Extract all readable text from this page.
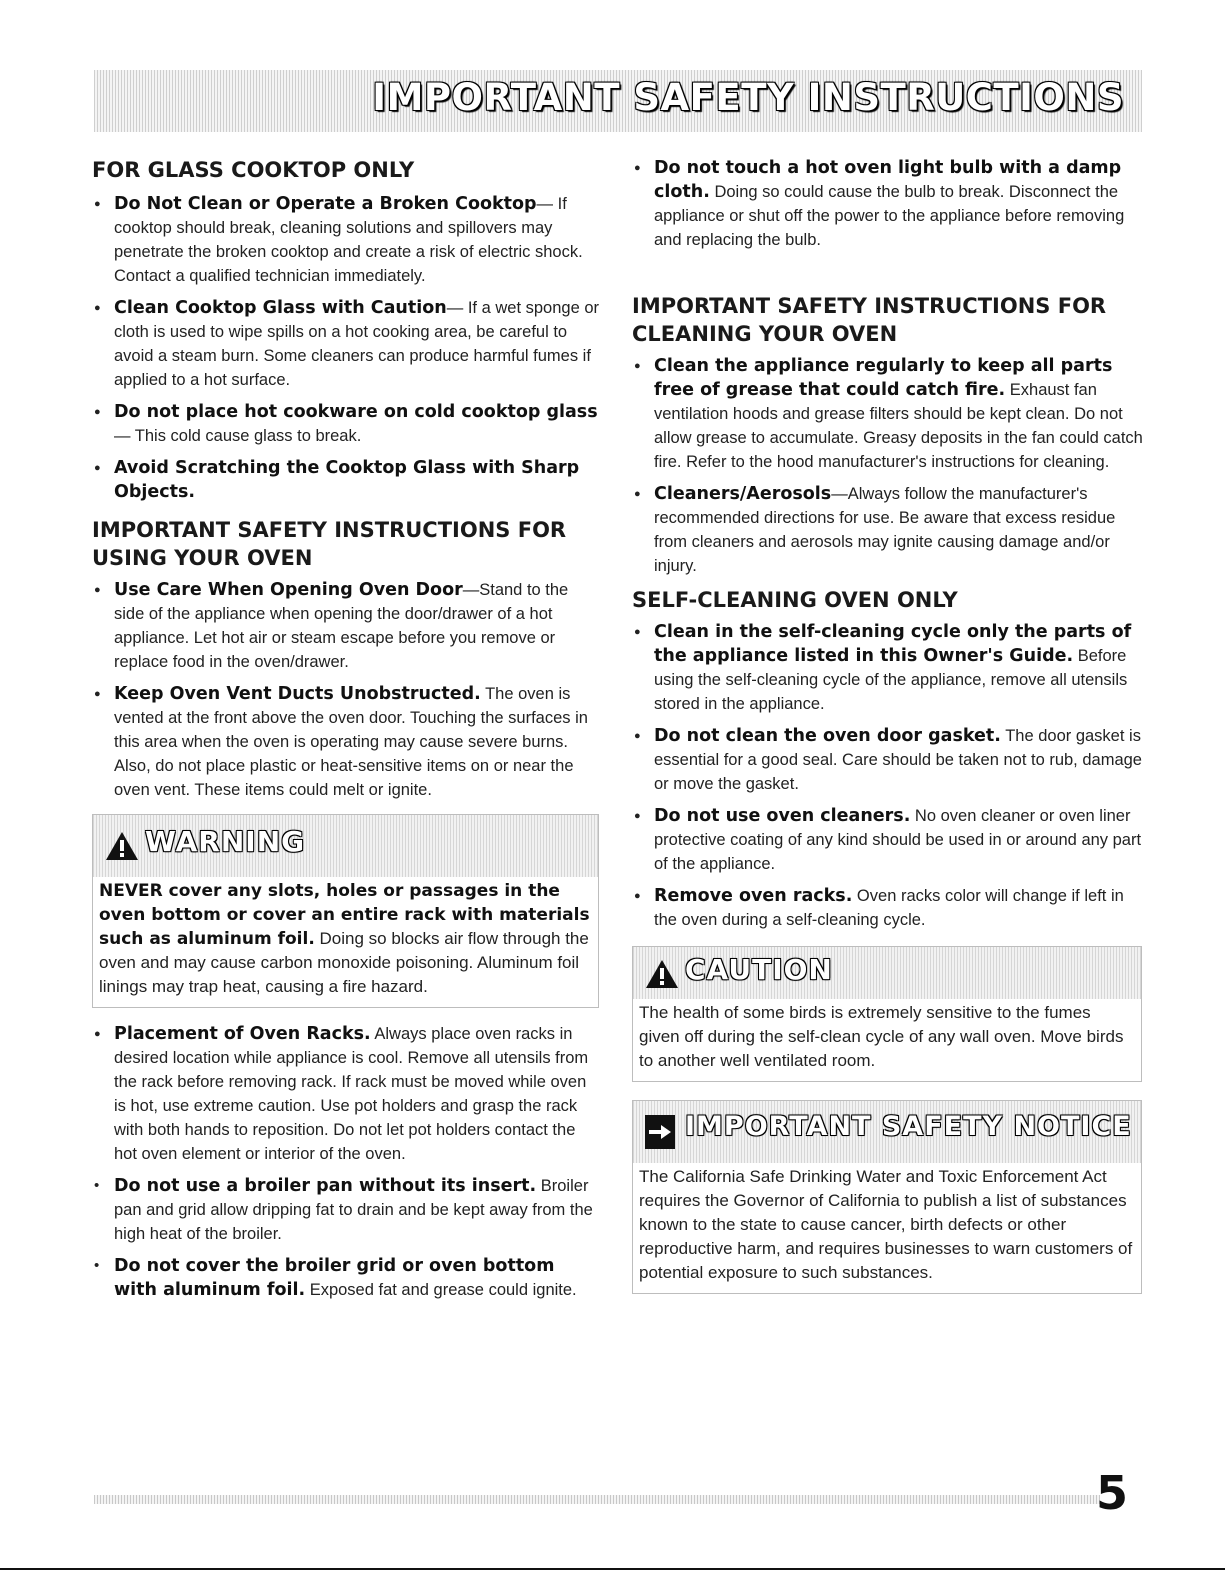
IMPORTANT SAFETY INSTRUCTIONS
FOR GLASS COOKTOP ONLY
● Do Not Clean or Operate a Broken Cooktop— If cooktop should break, cleaning solutions and spillovers may penetrate the broken cooktop and create a risk of electric shock. Contact a qualified technician immediately.
● Clean Cooktop Glass with Caution— If a wet sponge or cloth is used to wipe spills on a hot cooking area, be careful to avoid a steam burn. Some cleaners can produce harmful fumes if applied to a hot surface.
● Do not place hot cookware on cold cooktop glass— This cold cause glass to break.
● Avoid Scratching the Cooktop Glass with Sharp Objects.
IMPORTANT SAFETY INSTRUCTIONS FOR USING YOUR OVEN
● Use Care When Opening Oven Door—Stand to the side of the appliance when opening the door/drawer of a hot appliance. Let hot air or steam escape before you remove or replace food in the oven/drawer.
● Keep Oven Vent Ducts Unobstructed. The oven is vented at the front above the oven door. Touching the surfaces in this area when the oven is operating may cause severe burns. Also, do not place plastic or heat-sensitive items on or near the oven vent. These items could melt or ignite.
WARNING
NEVER cover any slots, holes or passages in the oven bottom or cover an entire rack with materials such as aluminum foil. Doing so blocks air flow through the oven and may cause carbon monoxide poisoning. Aluminum foil linings may trap heat, causing a fire hazard.
● Placement of Oven Racks. Always place oven racks in desired location while appliance is cool. Remove all utensils from the rack before removing rack. If rack must be moved while oven is hot, use extreme caution. Use pot holders and grasp the rack with both hands to reposition. Do not let pot holders contact the hot oven element or interior of the oven.
• Do not use a broiler pan without its insert. Broiler pan and grid allow dripping fat to drain and be kept away from the high heat of the broiler.
• Do not cover the broiler grid or oven bottom with aluminum foil. Exposed fat and grease could ignite.
● Do not touch a hot oven light bulb with a damp cloth. Doing so could cause the bulb to break. Disconnect the appliance or shut off the power to the appliance before removing and replacing the bulb.
IMPORTANT SAFETY INSTRUCTIONS FOR CLEANING YOUR OVEN
● Clean the appliance regularly to keep all parts free of grease that could catch fire. Exhaust fan ventilation hoods and grease filters should be kept clean. Do not allow grease to accumulate. Greasy deposits in the fan could catch fire. Refer to the hood manufacturer's instructions for cleaning.
● Cleaners/Aerosols—Always follow the manufacturer's recommended directions for use. Be aware that excess residue from cleaners and aerosols may ignite causing damage and/or injury.
SELF-CLEANING OVEN ONLY
● Clean in the self-cleaning cycle only the parts of the appliance listed in this Owner's Guide. Before using the self-cleaning cycle of the appliance, remove all utensils stored in the appliance.
● Do not clean the oven door gasket. The door gasket is essential for a good seal. Care should be taken not to rub, damage or move the gasket.
● Do not use oven cleaners. No oven cleaner or oven liner protective coating of any kind should be used in or around any part of the appliance.
● Remove oven racks. Oven racks color will change if left in the oven during a self-cleaning cycle.
CAUTION
The health of some birds is extremely sensitive to the fumes given off during the self-clean cycle of any wall oven. Move birds to another well ventilated room.
IMPORTANT SAFETY NOTICE
The California Safe Drinking Water and Toxic Enforcement Act requires the Governor of California to publish a list of substances known to the state to cause cancer, birth defects or other reproductive harm, and requires businesses to warn customers of potential exposure to such substances.
5
